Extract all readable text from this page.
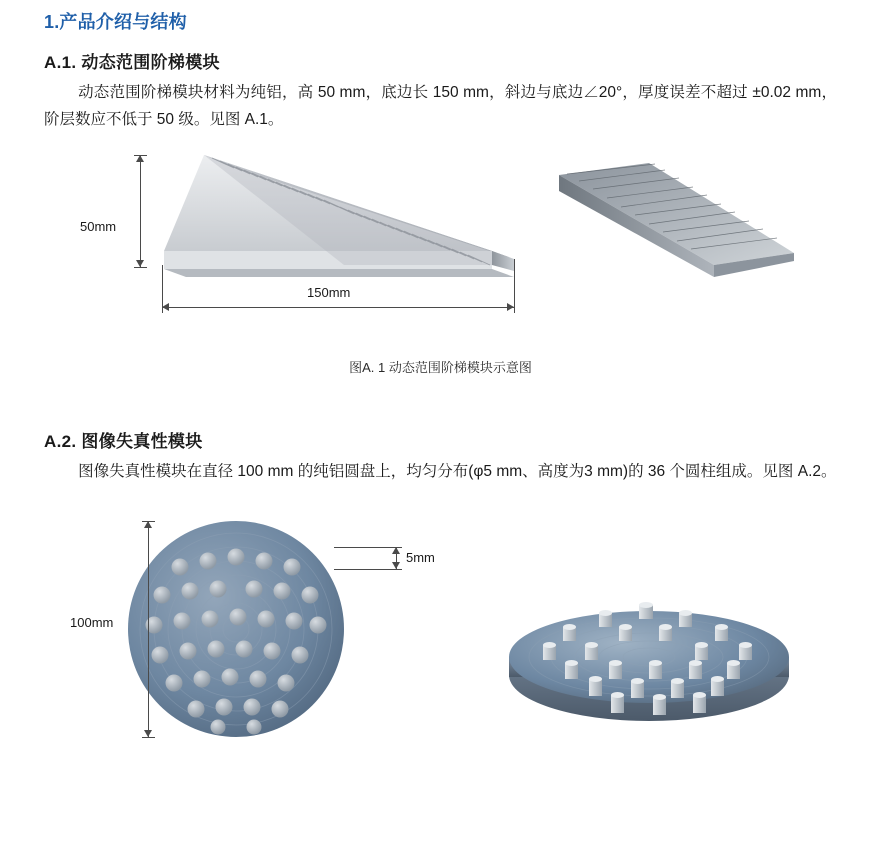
1.产品介绍与结构
A.1. 动态范围阶梯模块

动态范围阶梯模块材料为纯铝，高 50 mm，底边长 150 mm，斜边与底边∠20°，厚度误差不超过 ±0.02 mm，阶层数应不低于 50 级。见图 A.1。

50mm
150mm
图A. 1 动态范围阶梯模块示意图
A.2. 图像失真性模块

图像失真性模块在直径 100 mm 的纯铝圆盘上，均匀分布(φ5 mm、高度为3 mm)的 36 个圆柱组成。见图 A.2。

100mm
5mm
